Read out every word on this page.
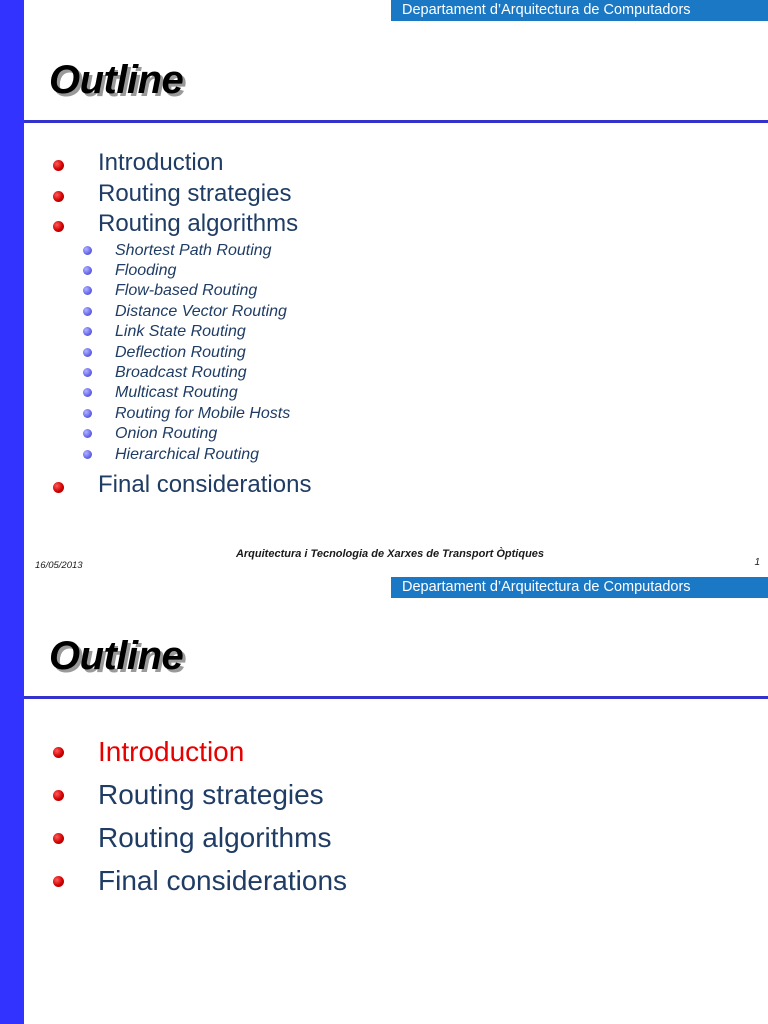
Departament d’Arquitectura de Computadors
Outline
Introduction
Routing strategies
Routing algorithms
Shortest Path Routing
Flooding
Flow-based Routing
Distance Vector Routing
Link State Routing
Deflection Routing
Broadcast Routing
Multicast Routing
Routing for Mobile Hosts
Onion Routing
Hierarchical Routing
Final considerations
Arquitectura i Tecnologia de Xarxes de Transport Òptiques
16/05/2013	1
Departament d’Arquitectura de Computadors
Outline
Introduction
Routing strategies
Routing algorithms
Final considerations
